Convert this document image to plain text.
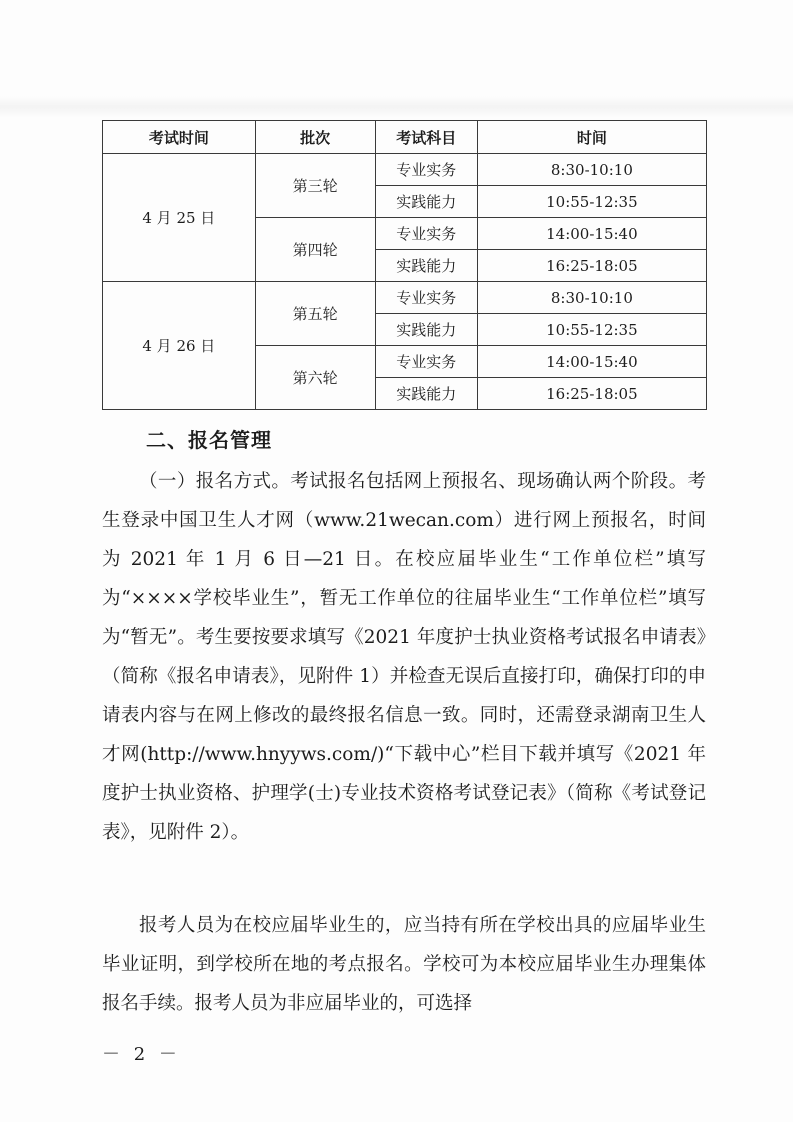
考试时间	批次	考试科目	时间
4 月 25 日	第三轮	专业实务	8:30-10:10
		实践能力	10:55-12:35
	第四轮	专业实务	14:00-15:40
		实践能力	16:25-18:05
4 月 26 日	第五轮	专业实务	8:30-10:10
		实践能力	10:55-12:35
	第六轮	专业实务	14:00-15:40
		实践能力	16:25-18:05
二、报名管理
（一）报名方式。考试报名包括网上预报名、现场确认两个阶段。考生登录中国卫生人才网（www.21wecan.com）进行网上预报名，时间为 2021 年 1 月 6 日—21 日。在校应届毕业生“工作单位栏”填写为“××××学校毕业生”，暂无工作单位的往届毕业生“工作单位栏”填写为“暂无”。考生要按要求填写《2021 年度护士执业资格考试报名申请表》（简称《报名申请表》，见附件 1）并检查无误后直接打印，确保打印的申请表内容与在网上修改的最终报名信息一致。同时，还需登录湖南卫生人才网(http://www.hnyyws.com/)“下载中心”栏目下载并填写《2021 年度护士执业资格、护理学(士)专业技术资格考试登记表》（简称《考试登记表》，见附件 2）。
报考人员为在校应届毕业生的，应当持有所在学校出具的应届毕业生毕业证明，到学校所在地的考点报名。学校可为本校应届毕业生办理集体报名手续。报考人员为非应届毕业的，可选择
－ 2 －
